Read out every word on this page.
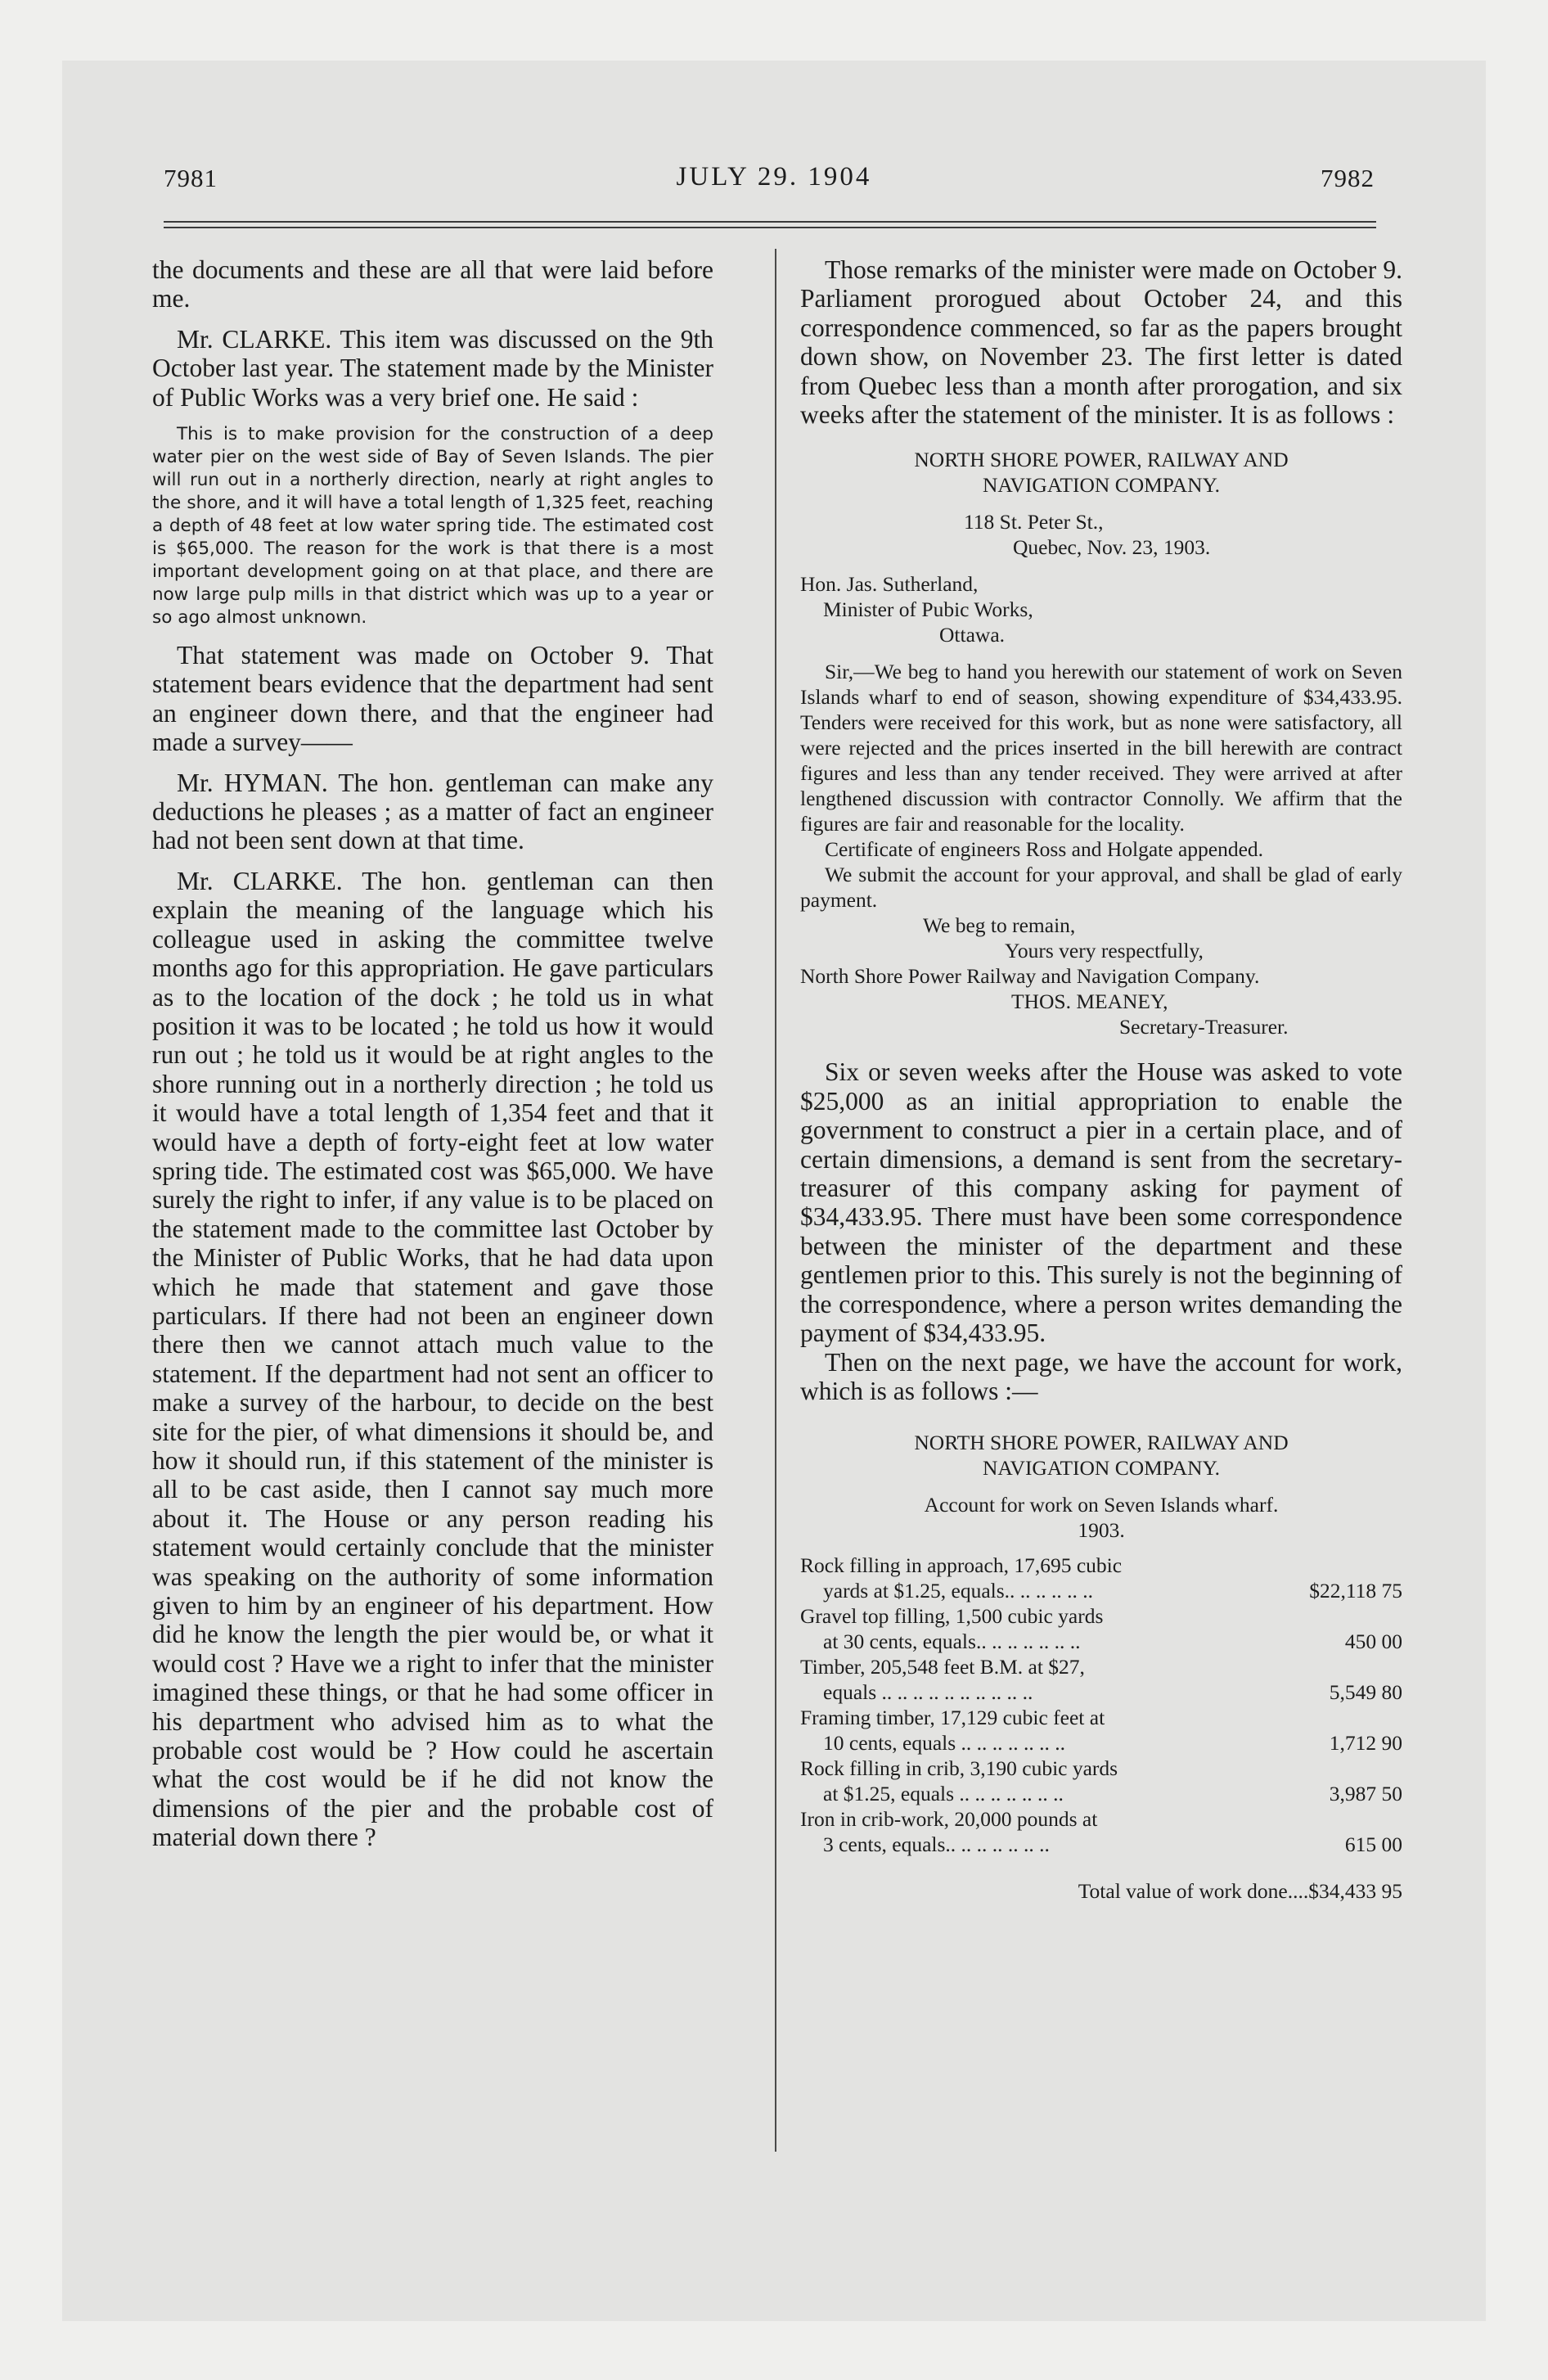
7981	JULY 29. 1904	7982

the documents and these are all that were laid before me.

Mr. CLARKE. This item was discussed on the 9th October last year. The statement made by the Minister of Public Works was a very brief one. He said :

This is to make provision for the construction of a deep water pier on the west side of Bay of Seven Islands. The pier will run out in a northerly direction, nearly at right angles to the shore, and it will have a total length of 1,325 feet, reaching a depth of 48 feet at low water spring tide. The estimated cost is $65,000. The reason for the work is that there is a most important development going on at that place, and there are now large pulp mills in that district which was up to a year or so ago almost unknown.

That statement was made on October 9. That statement bears evidence that the department had sent an engineer down there, and that the engineer had made a survey——

Mr. HYMAN. The hon. gentleman can make any deductions he pleases ; as a matter of fact an engineer had not been sent down at that time.

Mr. CLARKE. The hon. gentleman can then explain the meaning of the language which his colleague used in asking the committee twelve months ago for this appropriation. He gave particulars as to the location of the dock ; he told us in what position it was to be located ; he told us how it would run out ; he told us it would be at right angles to the shore running out in a northerly direction ; he told us it would have a total length of 1,354 feet and that it would have a depth of forty-eight feet at low water spring tide. The estimated cost was $65,000. We have surely the right to infer, if any value is to be placed on the statement made to the committee last October by the Minister of Public Works, that he had data upon which he made that statement and gave those particulars. If there had not been an engineer down there then we cannot attach much value to the statement. If the department had not sent an officer to make a survey of the harbour, to decide on the best site for the pier, of what dimensions it should be, and how it should run, if this statement of the minister is all to be cast aside, then I cannot say much more about it. The House or any person reading his statement would certainly conclude that the minister was speaking on the authority of some information given to him by an engineer of his department. How did he know the length the pier would be, or what it would cost ? Have we a right to infer that the minister imagined these things, or that he had some officer in his department who advised him as to what the probable cost would be ? How could he ascertain what the cost would be if he did not know the dimensions of the pier and the probable cost of material down there ?

Those remarks of the minister were made on October 9. Parliament prorogued about October 24, and this correspondence commenced, so far as the papers brought down show, on November 23. The first letter is dated from Quebec less than a month after prorogation, and six weeks after the statement of the minister. It is as follows :

NORTH SHORE POWER, RAILWAY AND
NAVIGATION COMPANY.
118 St. Peter St.,
Quebec, Nov. 23, 1903.
Hon. Jas. Sutherland,
Minister of Pubic Works,
Ottawa.

Sir,—We beg to hand you herewith our statement of work on Seven Islands wharf to end of season, showing expenditure of $34,433.95. Tenders were received for this work, but as none were satisfactory, all were rejected and the prices inserted in the bill herewith are contract figures and less than any tender received. They were arrived at after lengthened discussion with contractor Connolly. We affirm that the figures are fair and reasonable for the locality.

Certificate of engineers Ross and Holgate appended.

We submit the account for your approval, and shall be glad of early payment.

We beg to remain,
Yours very respectfully,
North Shore Power Railway and Navigation Company.
THOS. MEANEY,
Secretary-Treasurer.

Six or seven weeks after the House was asked to vote $25,000 as an initial appropriation to enable the government to construct a pier in a certain place, and of certain dimensions, a demand is sent from the secretary-treasurer of this company asking for payment of $34,433.95. There must have been some correspondence between the minister of the department and these gentlemen prior to this. This surely is not the beginning of the correspondence, where a person writes demanding the payment of $34,433.95.

Then on the next page, we have the account for work, which is as follows :—

NORTH SHORE POWER, RAILWAY AND
NAVIGATION COMPANY.
Account for work on Seven Islands wharf.
1903.
Rock filling in approach, 17,695 cubic
yards at $1.25, equals.. .. .. .. .. ..	$22,118 75
Gravel top filling, 1,500 cubic yards
at 30 cents, equals.. .. .. .. .. .. ..	450 00
Timber, 205,548 feet B.M. at $27,
equals .. .. .. .. .. .. .. .. .. ..	5,549 80
Framing timber, 17,129 cubic feet at
10 cents, equals .. .. .. .. .. .. ..	1,712 90
Rock filling in crib, 3,190 cubic yards
at $1.25, equals .. .. .. .. .. .. ..	3,987 50
Iron in crib-work, 20,000 pounds at
3 cents, equals.. .. .. .. .. .. ..	615 00
Total value of work done....$34,433 95
